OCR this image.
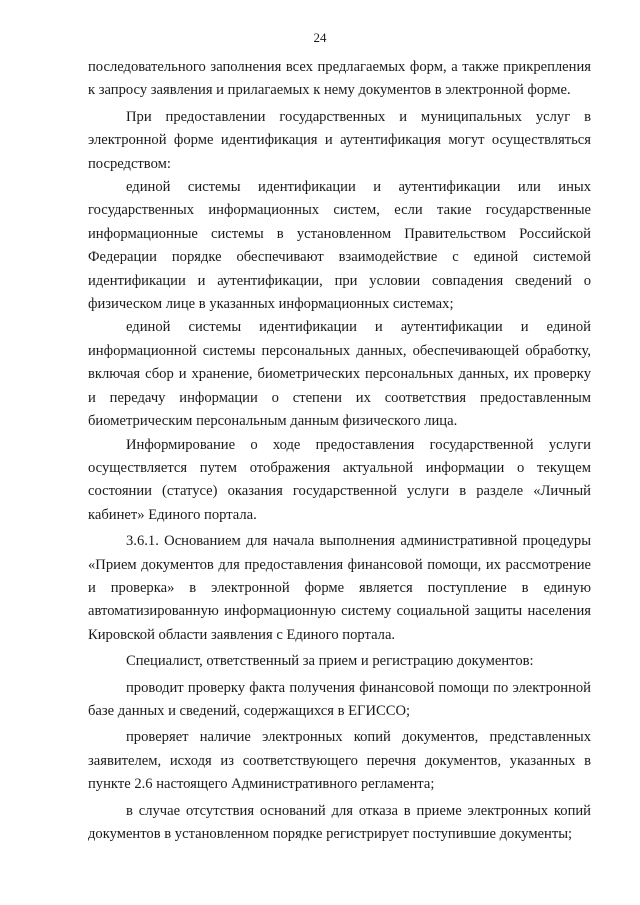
24

последовательного заполнения всех предлагаемых форм, а также прикрепления к запросу заявления и прилагаемых к нему документов в электронной форме.

При предоставлении государственных и муниципальных услуг в электронной форме идентификация и аутентификация могут осуществляться посредством:

единой системы идентификации и аутентификации или иных государственных информационных систем, если такие государственные информационные системы в установленном Правительством Российской Федерации порядке обеспечивают взаимодействие с единой системой идентификации и аутентификации, при условии совпадения сведений о физическом лице в указанных информационных системах;

единой системы идентификации и аутентификации и единой информационной системы персональных данных, обеспечивающей обработку, включая сбор и хранение, биометрических персональных данных, их проверку и передачу информации о степени их соответствия предоставленным биометрическим персональным данным физического лица.

Информирование о ходе предоставления государственной услуги осуществляется путем отображения актуальной информации о текущем состоянии (статусе) оказания государственной услуги в разделе «Личный кабинет» Единого портала.

3.6.1. Основанием для начала выполнения административной процедуры «Прием документов для предоставления финансовой помощи, их рассмотрение и проверка» в электронной форме является поступление в единую автоматизированную информационную систему социальной защиты населения Кировской области заявления с Единого портала.

Специалист, ответственный за прием и регистрацию документов:

проводит проверку факта получения финансовой помощи по электронной базе данных и сведений, содержащихся в ЕГИССО;

проверяет наличие электронных копий документов, представленных заявителем, исходя из соответствующего перечня документов, указанных в пункте 2.6 настоящего Административного регламента;

в случае отсутствия оснований для отказа в приеме электронных копий документов в установленном порядке регистрирует поступившие документы;
